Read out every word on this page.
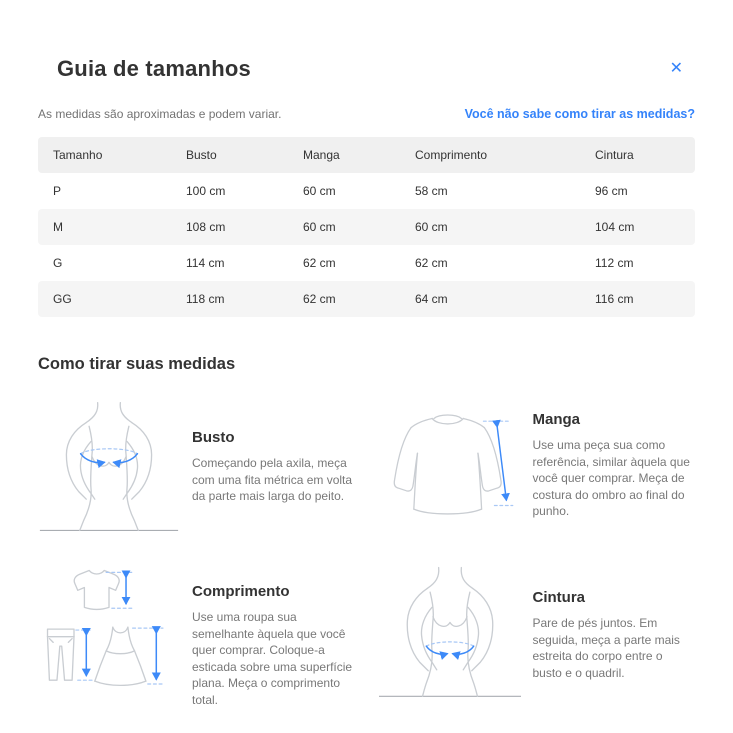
Guia de tamanhos	✕
As medidas são aproximadas e podem variar.	Você não sabe como tirar as medidas?
Tamanho	Busto	Manga	Comprimento	Cintura
P	100 cm	60 cm	58 cm	96 cm
M	108 cm	60 cm	60 cm	104 cm
G	114 cm	62 cm	62 cm	112 cm
GG	118 cm	62 cm	64 cm	116 cm
Como tirar suas medidas
Busto

Começando pela axila, meça com uma fita métrica em volta da parte mais larga do peito.

Manga

Use uma peça sua como referência, similar àquela que você quer comprar. Meça de costura do ombro ao final do punho.

Comprimento

Use uma roupa sua semelhante àquela que você quer comprar. Coloque-a esticada sobre uma superfície plana. Meça o comprimento total.

Cintura

Pare de pés juntos. Em seguida, meça a parte mais estreita do corpo entre o busto e o quadril.
